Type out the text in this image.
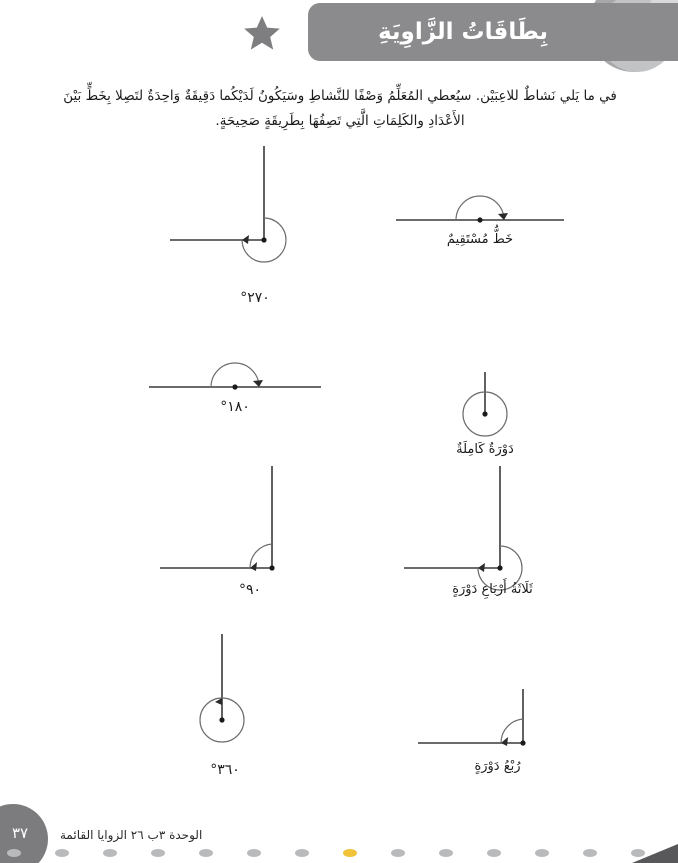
بِطَاقَاتُ الزَّاوِيَةِ
في ما يَلي نَشاطٌ للاعِبَيْن. سيُعطي المُعَلِّمُ وَصْفًا للنَّشاطِ وسَيَكُونُ لَدَيْكُما دَقِيقَةٌ وَاحِدَةٌ لتَصِلا بِخَطٍّ بَيْنَ الأَعْدَادِ والكَلِمَاتِ الَّتِي تَصِفُهَا بِطَرِيقَةٍ صَحِيحَةٍ.
٢٧٠°
خَطٌّ مُسْتَقِيمٌ
١٨٠°
دَوْرَةٌ كَامِلَةٌ
٩٠°	ثَلَاثَةُ أَرْبَاعِ دَوْرَةٍ
٣٦٠°	رُبْعُ دَوْرَةٍ
٣٧	الوحدة ٣ب ٢٦ الزوايا القائمة
